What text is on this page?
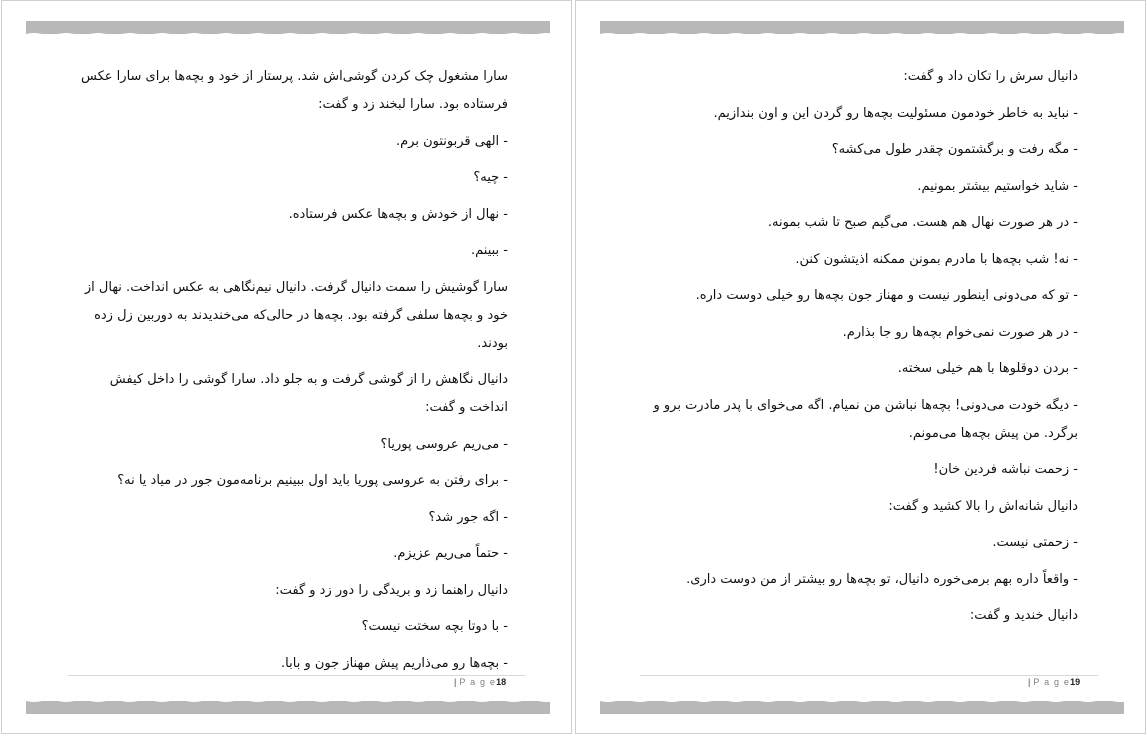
سارا مشغول چک کردن گوشی‌اش شد. پرستار از خود و بچه‌ها برای سارا عکس فرستاده بود. سارا لبخند زد و گفت:

- الهی قربونتون برم.

- چیه؟

- نهال از خودش و بچه‌ها عکس فرستاده.

- ببینم.

سارا گوشیش را سمت دانیال گرفت. دانیال نیم‌نگاهی به عکس انداخت. نهال از خود و بچه‌ها سلفی گرفته بود. بچه‌ها در حالی‌که می‌خندیدند به دوربین زل زده بودند.

دانیال نگاهش را از گوشی گرفت و به جلو داد. سارا گوشی را داخل کیفش انداخت و گفت:

- می‌ریم عروسی پوریا؟

- برای رفتن به عروسی پوریا باید اول ببینیم برنامه‌مون جور در میاد یا نه؟

- اگه جور شد؟

- حتماً می‌ریم عزیزم.

دانیال راهنما زد و بریدگی را دور زد و گفت:

- با دوتا بچه سختت نیست؟

- بچه‌ها رو می‌ذاریم پیش مهناز جون و بابا.

| P a g e18

دانیال سرش را تکان داد و گفت:

- نباید به خاطر خودمون مسئولیت بچه‌ها رو گردن این و اون بندازیم.

- مگه رفت و برگشتمون چقدر طول می‌کشه؟

- شاید خواستیم بیشتر بمونیم.

- در هر صورت نهال هم هست. می‌گیم صبح تا شب بمونه.

- نه! شب بچه‌ها با مادرم بمونن ممکنه اذیتشون کنن.

- تو که می‌دونی اینطور نیست و مهناز جون بچه‌ها رو خیلی دوست داره.

- در هر صورت نمی‌خوام بچه‌ها رو جا بذارم.

- بردن دوقلوها با هم خیلی سخته.

- دیگه خودت می‌دونی! بچه‌ها نباشن من نمیام. اگه می‌خوای با پدر مادرت برو و برگرد. من پیش بچه‌ها می‌مونم.

- زحمت نباشه فردین خان!

دانیال شانه‌اش را بالا کشید و گفت:

- زحمتی نیست.

- واقعاً داره بهم برمی‌خوره دانیال، تو بچه‌ها رو بیشتر از من دوست داری.

دانیال خندید و گفت:

| P a g e19
